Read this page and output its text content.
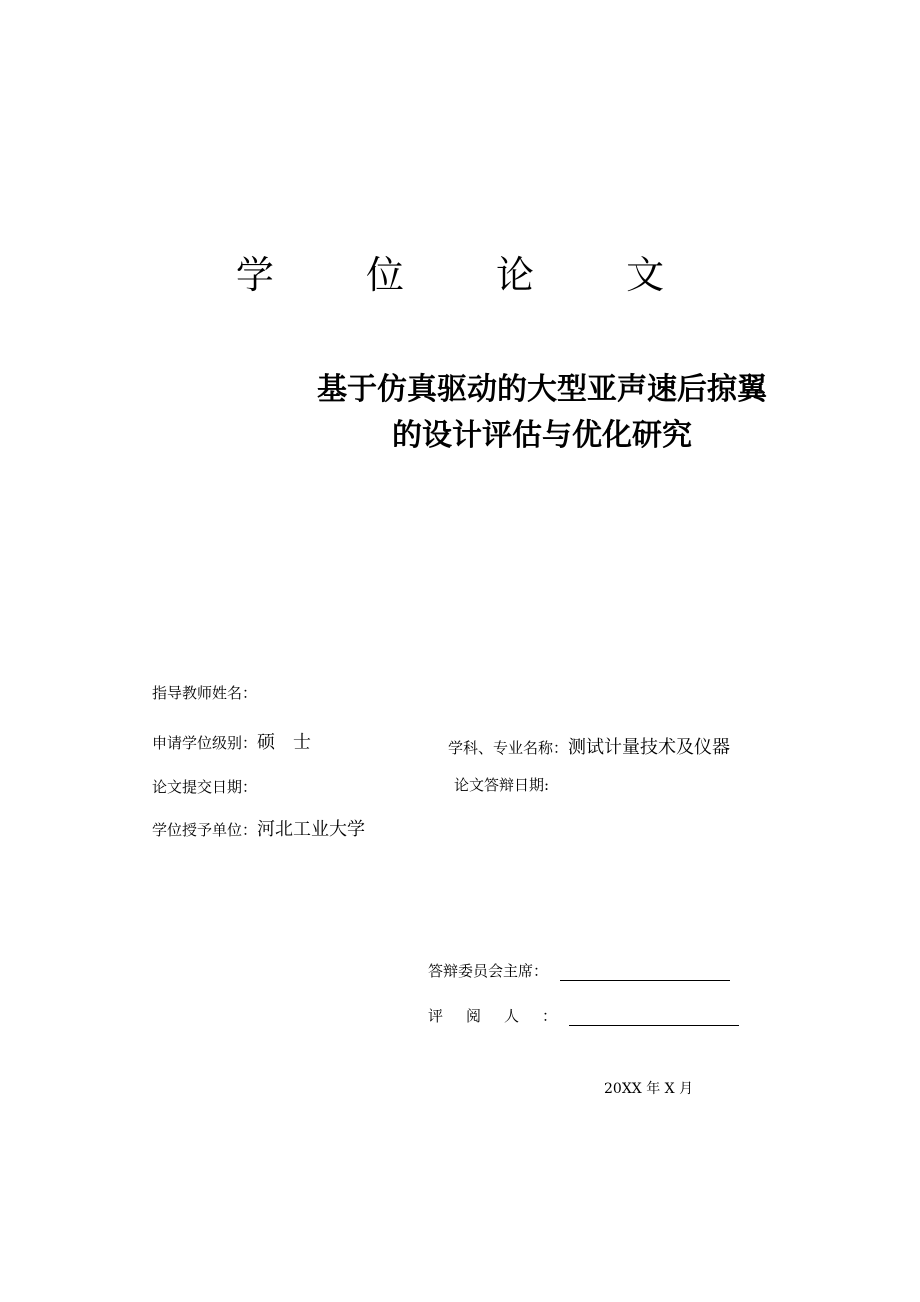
学 位 论 文
基于仿真驱动的大型亚声速后掠翼
的设计评估与优化研究
指导教师姓名：
申请学位级别：硕　士	学科、专业名称：测试计量技术及仪器
论文提交日期：	论文答辩日期:
学位授予单位：河北工业大学
答辩委员会主席：
评阅人：
20XX 年 X 月
